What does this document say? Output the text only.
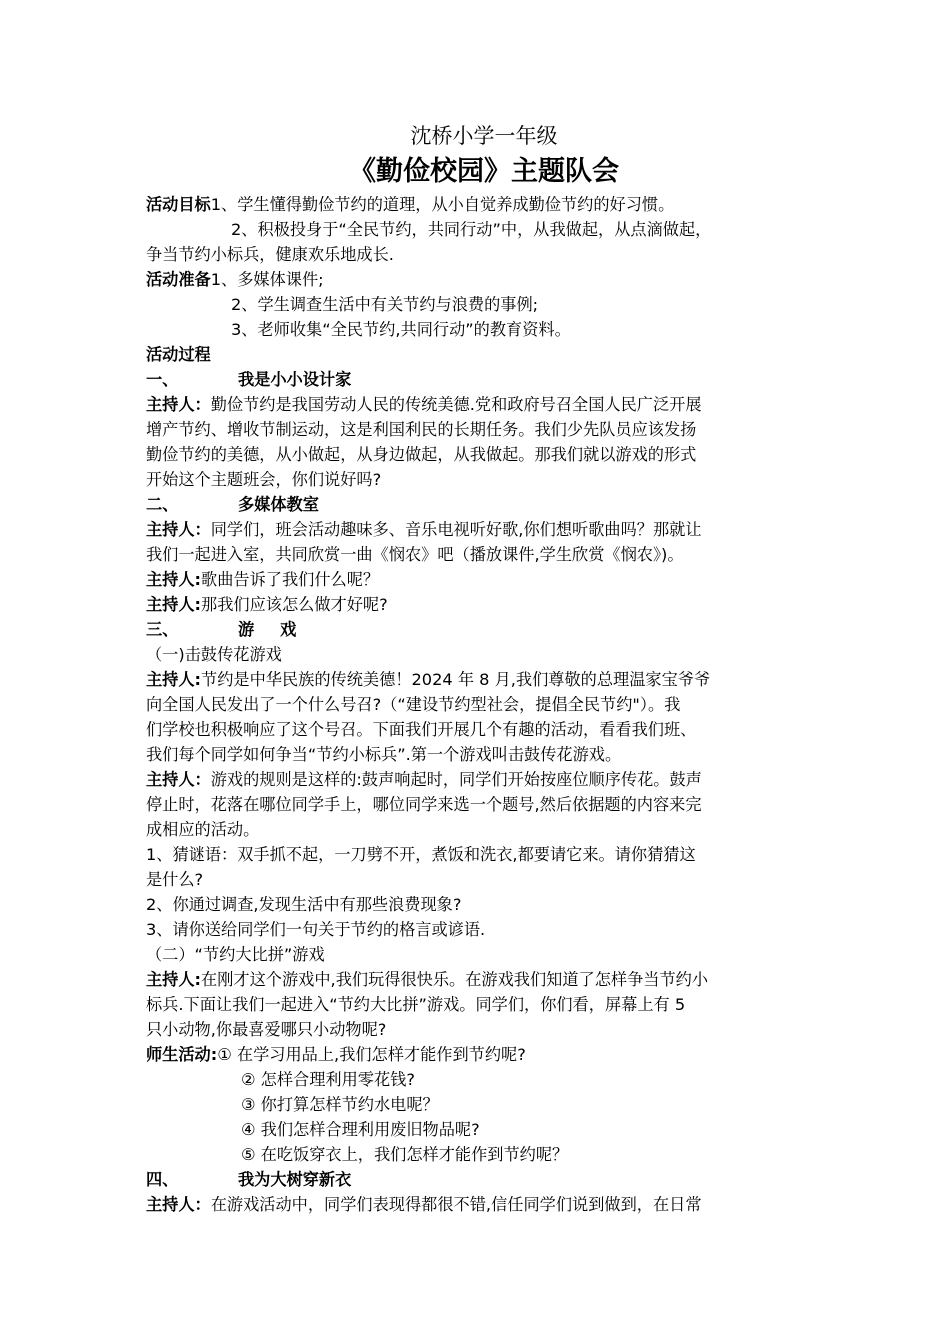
沈桥小学一年级
《勤俭校园》主题队会

活动目标1、学生懂得勤俭节约的道理，从小自觉养成勤俭节约的好习惯。

2、积极投身于“全民节约，共同行动”中，从我做起，从点滴做起，

争当节约小标兵，健康欢乐地成长.

活动准备1、多媒体课件;

2、学生调查生活中有关节约与浪费的事例;

3、老师收集“全民节约,共同行动”的教育资料。

活动过程

一、	我是小小设计家

主持人：勤俭节约是我国劳动人民的传统美德.党和政府号召全国人民广泛开展

增产节约、增收节制运动，这是利国利民的长期任务。我们少先队员应该发扬

勤俭节约的美德，从小做起，从身边做起，从我做起。那我们就以游戏的形式

开始这个主题班会，你们说好吗?

二、	多媒体教室

主持人：同学们，班会活动趣味多、音乐电视听好歌,你们想听歌曲吗？那就让

我们一起进入室，共同欣赏一曲《悯农》吧（播放课件,学生欣赏《悯农》)。

主持人:歌曲告诉了我们什么呢？

主持人:那我们应该怎么做才好呢?

三、	游戏

（一)击鼓传花游戏

主持人:节约是中华民族的传统美德！2024 年 8 月,我们尊敬的总理温家宝爷爷

向全国人民发出了一个什么号召?（“建设节约型社会，提倡全民节约"）。我

们学校也积极响应了这个号召。下面我们开展几个有趣的活动，看看我们班、

我们每个同学如何争当“节约小标兵”.第一个游戏叫击鼓传花游戏。

主持人：游戏的规则是这样的:鼓声响起时，同学们开始按座位顺序传花。鼓声

停止时，花落在哪位同学手上，哪位同学来选一个题号,然后依据题的内容来完

成相应的活动。

1、猜谜语：双手抓不起，一刀劈不开，煮饭和洗衣,都要请它来。请你猜猜这

是什么?

2、你通过调查,发现生活中有那些浪费现象?

3、请你送给同学们一句关于节约的格言或谚语.

（二）“节约大比拼”游戏

主持人:在刚才这个游戏中,我们玩得很快乐。在游戏我们知道了怎样争当节约小

标兵.下面让我们一起进入“节约大比拼”游戏。同学们，你们看，屏幕上有 5

只小动物,你最喜爱哪只小动物呢?

师生活动:① 在学习用品上,我们怎样才能作到节约呢?

② 怎样合理利用零花钱?

③ 你打算怎样节约水电呢？

④ 我们怎样合理利用废旧物品呢?

⑤ 在吃饭穿衣上，我们怎样才能作到节约呢？

四、	我为大树穿新衣

主持人：在游戏活动中，同学们表现得都很不错,信任同学们说到做到，在日常
